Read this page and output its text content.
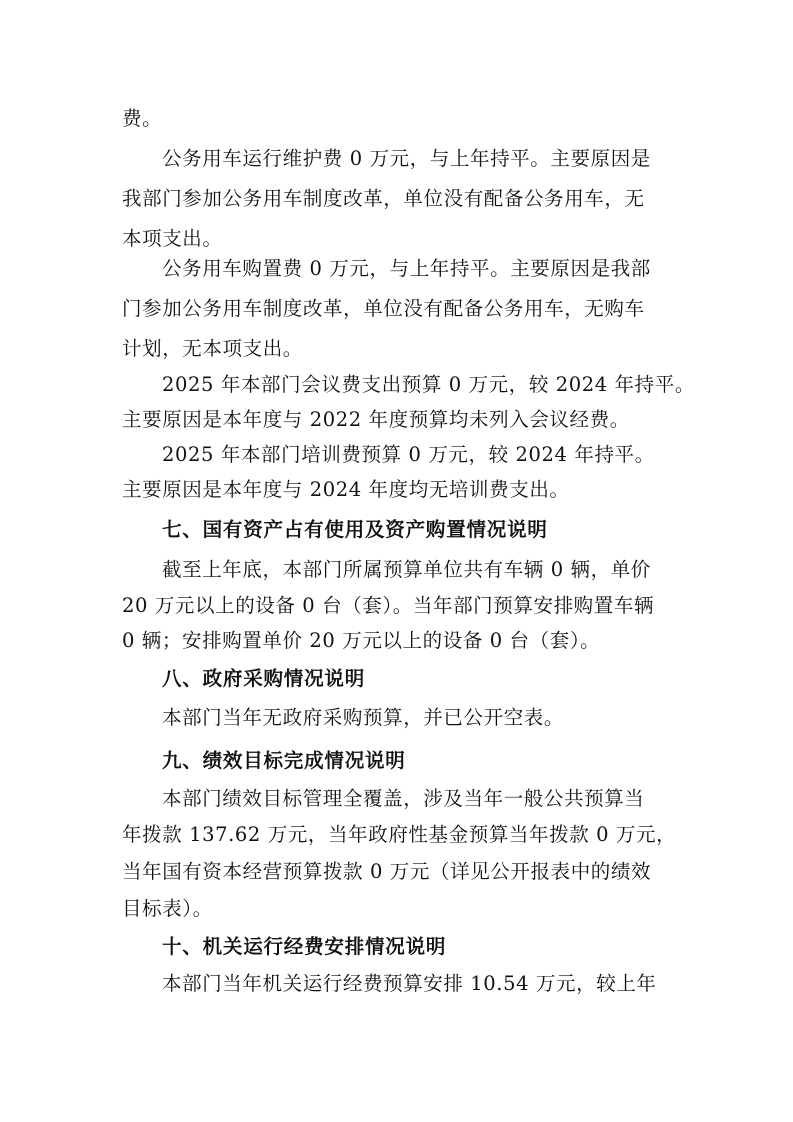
费。
公务用车运行维护费 0 万元，与上年持平。主要原因是
我部门参加公务用车制度改革，单位没有配备公务用车，无
本项支出。
公务用车购置费 0 万元，与上年持平。主要原因是我部
门参加公务用车制度改革，单位没有配备公务用车，无购车
计划，无本项支出。
2025 年本部门会议费支出预算 0 万元，较 2024 年持平。
主要原因是本年度与 2022 年度预算均未列入会议经费。
2025 年本部门培训费预算 0 万元，较 2024 年持平。
主要原因是本年度与 2024 年度均无培训费支出。
七、国有资产占有使用及资产购置情况说明
截至上年底，本部门所属预算单位共有车辆 0 辆，单价
20 万元以上的设备 0 台（套）。当年部门预算安排购置车辆
0 辆；安排购置单价 20 万元以上的设备 0 台（套）。
八、政府采购情况说明
本部门当年无政府采购预算，并已公开空表。
九、绩效目标完成情况说明
本部门绩效目标管理全覆盖，涉及当年一般公共预算当
年拨款 137.62 万元，当年政府性基金预算当年拨款 0 万元，
当年国有资本经营预算拨款 0 万元（详见公开报表中的绩效
目标表）。
十、机关运行经费安排情况说明
本部门当年机关运行经费预算安排 10.54 万元，较上年
